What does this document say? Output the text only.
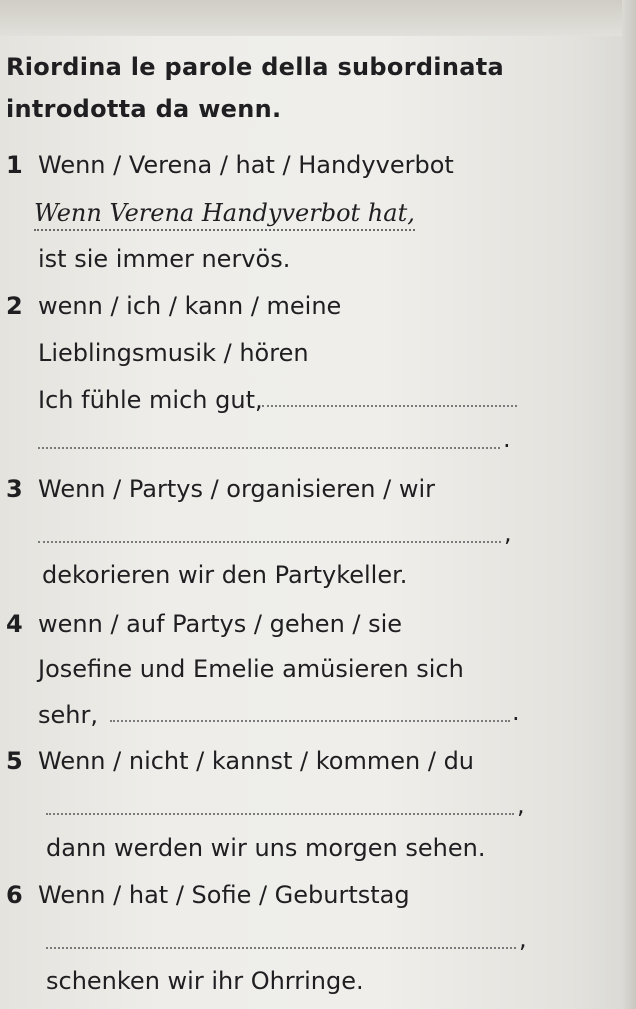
Riordina le parole della subordinata introdotta da wenn.
1 Wenn / Verena / hat / Handyverbot
Wenn Verena Handyverbot hat,
ist sie immer nervös.
2 wenn / ich / kann / meine
Lieblingsmusik / hören
Ich fühle mich gut,
.
3 Wenn / Partys / organisieren / wir
,
dekorieren wir den Partykeller.
4 wenn / auf Partys / gehen / sie
Josefine und Emelie amüsieren sich
sehr,	.
5 Wenn / nicht / kannst / kommen / du
,
dann werden wir uns morgen sehen.
6 Wenn / hat / Sofie / Geburtstag
,
schenken wir ihr Ohrringe.
